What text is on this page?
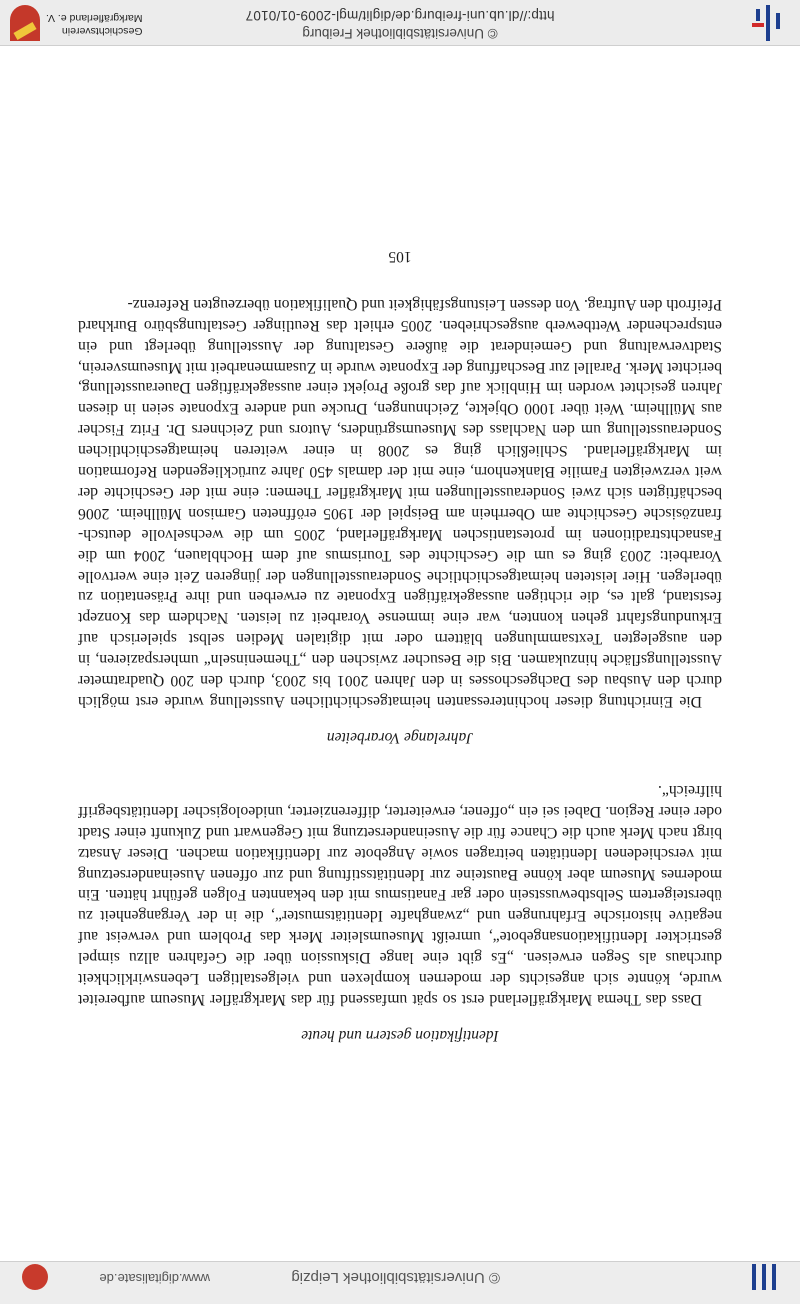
© Universitätsbibliothek Leipzig
www.digitalisate.de

Identifikation gestern und heute

Dass das Thema Markgräflerland erst so spät umfassend für das Markgräfler Museum aufbereitet wurde, könnte sich angesichts der modernen komplexen und vielgestaltigen Lebenswirklichkeit durchaus als Segen erweisen. „Es gibt eine lange Diskussion über die Gefahren allzu simpel gestrickter Identifikationsangebote“, umreißt Museumsleiter Merk das Problem und verweist auf negative historische Erfahrungen und „zwanghafte Identitätsmuster“, die in der Vergangenheit zu übersteigertem Selbstbewusstsein oder gar Fanatismus mit den bekannten Folgen geführt hätten. Ein modernes Museum aber könne Bausteine zur Identitätsstiftung und zur offenen Auseinandersetzung mit verschiedenen Identitäten beitragen sowie Angebote zur Identifikation machen. Dieser Ansatz birgt nach Merk auch die Chance für die Auseinandersetzung mit Gegenwart und Zukunft einer Stadt oder einer Region. Dabei sei ein „offener, erweiterter, differenzierter, unideologischer Identitätsbegriff hilfreich“.

Jahrelange Vorarbeiten

Die Einrichtung dieser hochinteressanten heimatgeschichtlichen Ausstellung wurde erst möglich durch den Ausbau des Dachgeschosses in den Jahren 2001 bis 2003, durch den 200 Quadratmeter Ausstellungsfläche hinzukamen. Bis die Besucher zwischen den „Themeninseln“ umherspazieren, in den ausgelegten Textsammlungen blättern oder mit digitalen Medien selbst spielerisch auf Erkundungsfahrt gehen konnten, war eine immense Vorarbeit zu leisten. Nachdem das Konzept feststand, galt es, die richtigen aussagekräftigen Exponate zu erwerben und ihre Präsentation zu überlegen. Hier leisteten heimatgeschichtliche Sonderausstellungen der jüngeren Zeit eine wertvolle Vorarbeit: 2003 ging es um die Geschichte des Tourismus auf dem Hochblauen, 2004 um die Fasnachtstraditionen im protestantischen Markgräflerland, 2005 um die wechselvolle deutsch-französische Geschichte am Oberrhein am Beispiel der 1905 eröffneten Garnison Müllheim. 2006 beschäftigten sich zwei Sonderausstellungen mit Markgräfler Themen: eine mit der Geschichte der weit verzweigten Familie Blankenhorn, eine mit der damals 450 Jahre zurückliegenden Reformation im Markgräflerland. Schließlich ging es 2008 in einer weiteren heimatgeschichtlichen Sonderausstellung um den Nachlass des Museumsgründers, Autors und Zeichners Dr. Fritz Fischer aus Müllheim. Weit über 1000 Objekte, Zeichnungen, Drucke und andere Exponate seien in diesen Jahren gesichtet worden im Hinblick auf das große Projekt einer aussagekräftigen Dauerausstellung, berichtet Merk. Parallel zur Beschaffung der Exponate wurde in Zusammenarbeit mit Museumsverein, Stadtverwaltung und Gemeinderat die äußere Gestaltung der Ausstellung überlegt und ein entsprechender Wettbewerb ausgeschrieben. 2005 erhielt das Reutlinger Gestaltungsbüro Burkhard Pfeifroth den Auftrag. Von dessen Leistungsfähigkeit und Qualifikation überzeugten Referenz-

105
© Universitätsbibliothek Freiburg
http://dl.ub.uni-freiburg.de/diglit/mgl-2009-01/0107
Geschichtsverein
Markgräflerland e. V.
